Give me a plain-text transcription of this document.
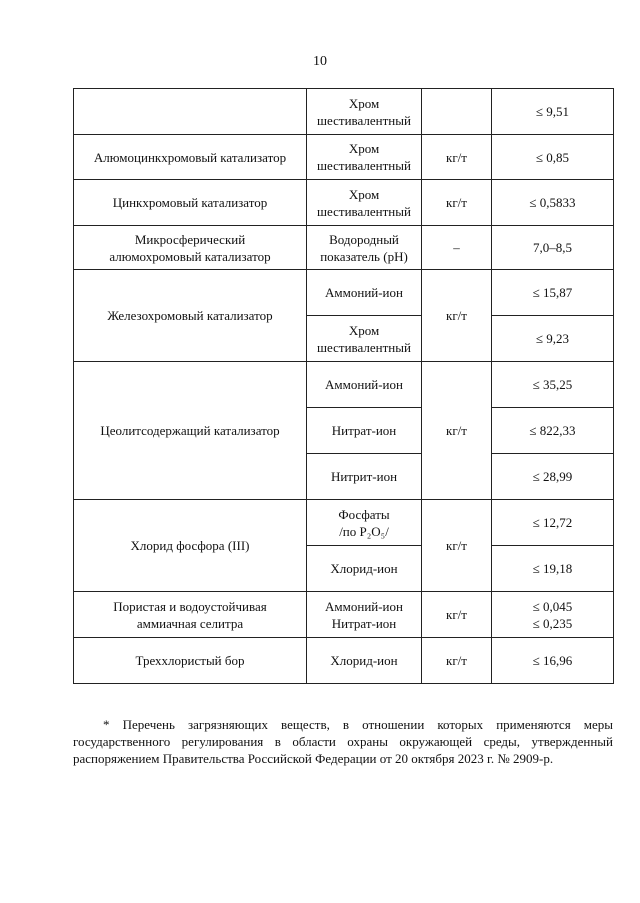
10

	Хром
шестивалентный		≤ 9,51

Алюмоцинкхромовый катализатор	Хром
шестивалентный	кг/т	≤ 0,85

Цинкхромовый катализатор	Хром
шестивалентный	кг/т	≤ 0,5833

Микросферический
алюмохромовый катализатор	Водородный
показатель (pH)	–	7,0–8,5

Железохромовый катализатор	Аммоний-ион	кг/т	≤ 15,87

	Хром
шестивалентный		≤ 9,23

Цеолитсодержащий катализатор	Аммоний-ион	кг/т	≤ 35,25

	Нитрат-ион		≤ 822,33

	Нитрит-ион		≤ 28,99

Хлорид фосфора (III)	Фосфаты
/по P₂O₅/	кг/т	≤ 12,72

	Хлорид-ион		≤ 19,18

Пористая и водоустойчивая
аммиачная селитра	Аммоний-ион
Нитрат-ион	кг/т	≤ 0,045
≤ 0,235

Треххлористый бор	Хлорид-ион	кг/т	≤ 16,96
* Перечень загрязняющих веществ, в отношении которых применяются меры государственного регулирования в области охраны окружающей среды, утвержденный распоряжением Правительства Российской Федерации от 20 октября 2023 г. № 2909-р.
